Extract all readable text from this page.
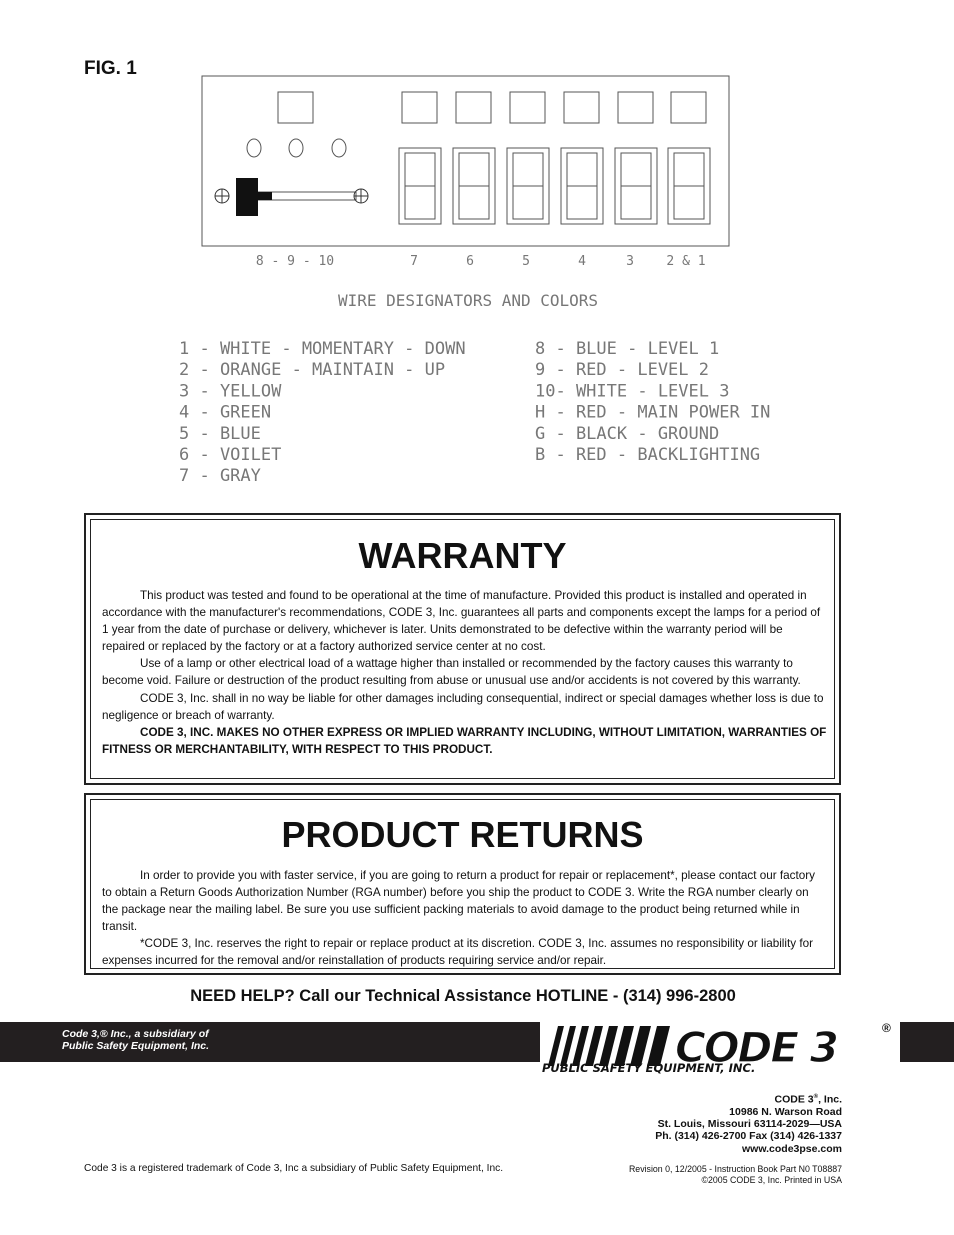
FIG. 1
8 - 9 - 10	7	6	5	4	3	2 & 1
WIRE DESIGNATORS AND COLORS
1 - WHITE - MOMENTARY - DOWN
2 - ORANGE - MAINTAIN - UP
3 - YELLOW
4 - GREEN
5 - BLUE
6 - VOILET
7 - GRAY
8 - BLUE - LEVEL 1
9 - RED - LEVEL 2
10- WHITE - LEVEL 3
H - RED - MAIN POWER IN
G - BLACK - GROUND
B - RED - BACKLIGHTING
WARRANTY

This product was tested and found to be operational at the time of manufacture. Provided this product is installed and operated in accordance with the manufacturer's recommendations, CODE 3, Inc. guarantees all parts and components except the lamps for a period of 1 year from the date of purchase or delivery, whichever is later. Units demonstrated to be defective within the warranty period will be repaired or replaced by the factory or at a factory authorized service center at no cost.

Use of a lamp or other electrical load of a wattage higher than installed or recommended by the factory causes this warranty to become void. Failure or destruction of the product resulting from abuse or unusual use and/or accidents is not covered by this warranty.

CODE 3, Inc. shall in no way be liable for other damages including consequential, indirect or special damages whether loss is due to negligence or breach of warranty.

CODE 3, INC. MAKES NO OTHER EXPRESS OR IMPLIED WARRANTY INCLUDING, WITHOUT LIMITATION, WARRANTIES OF FITNESS OR MERCHANTABILITY, WITH RESPECT TO THIS PRODUCT.

PRODUCT RETURNS

In order to provide you with faster service, if you are going to return a product for repair or replacement*, please contact our factory to obtain a Return Goods Authorization Number (RGA number) before you ship the product to CODE 3. Write the RGA number clearly on the package near the mailing label. Be sure you use sufficient packing materials to avoid damage to the product being returned while in transit.

*CODE 3, Inc. reserves the right to repair or replace product at its discretion. CODE 3, Inc. assumes no responsibility or liability for expenses incurred for the removal and/or reinstallation of products requiring service and/or repair.

NEED HELP? Call our Technical Assistance HOTLINE - (314) 996-2800
Code 3,® Inc., a subsidiary of
Public Safety Equipment, Inc.	CODE 3	®
INC
PUBLIC SAFETY EQUIPMENT, INC.
CODE 3®, Inc.
10986 N. Warson Road
St. Louis, Missouri 63114-2029—USA
Ph. (314) 426-2700 Fax (314) 426-1337
www.code3pse.com
Code 3 is a registered trademark of Code 3, Inc a subsidiary of Public Safety Equipment, Inc.	Revision 0, 12/2005 - Instruction Book Part N0 T08887
©2005 CODE 3, Inc. Printed in USA
